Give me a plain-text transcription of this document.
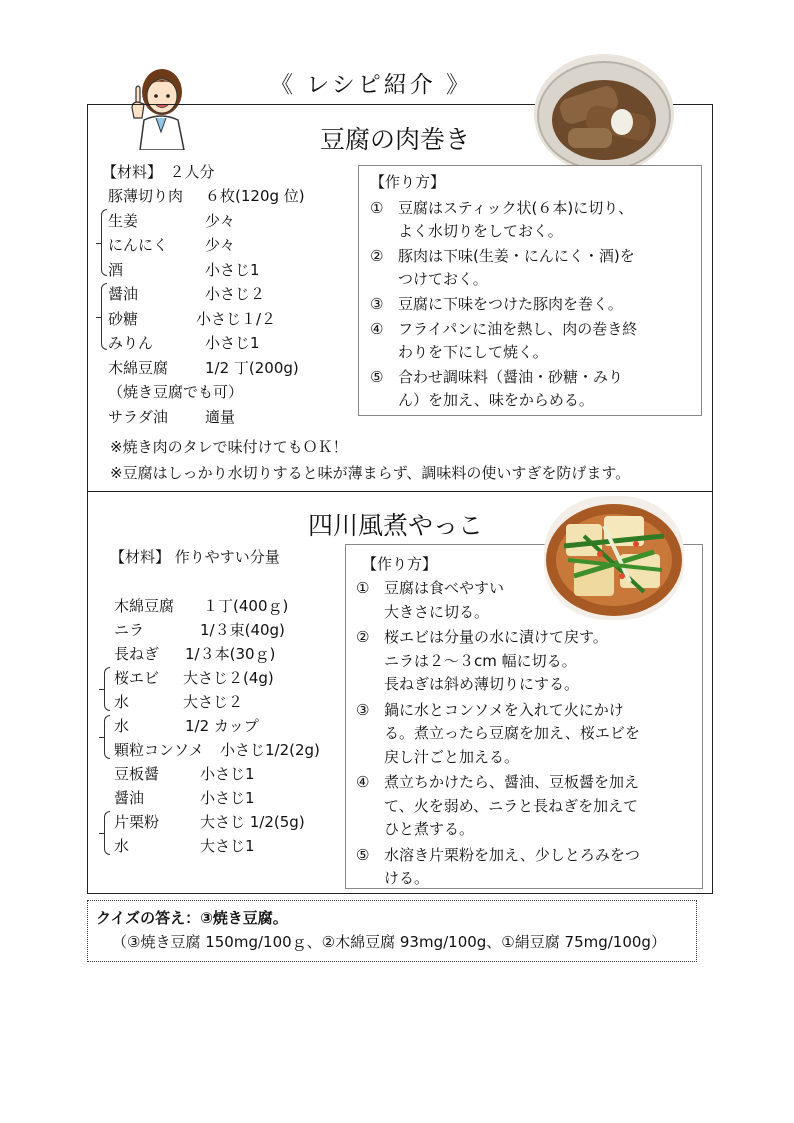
《 レシピ紹介 》
豆腐の肉巻き
【材料】　２人分
豚薄切り肉 ６枚(120g 位)
生姜	少々
にんにく 少々
酒	小さじ1
醤油	小さじ２
砂糖	小さじ１/２
みりん	小さじ1
木綿豆腐 1/2 丁(200g)
（焼き豆腐でも可）
サラダ油 適量
【作り方】
① 豆腐はスティック状(６本)に切り、
よく水切りをしておく。
② 豚肉は下味(生姜・にんにく・酒)を
つけておく。
③ 豆腐に下味をつけた豚肉を巻く。
④ フライパンに油を熱し、肉の巻き終
わりを下にして焼く。
⑤ 合わせ調味料（醤油・砂糖・みり
ん）を加え、味をからめる。
※焼き肉のタレで味付けてもＯＫ！
※豆腐はしっかり水切りすると味が薄まらず、調味料の使いすぎを防げます。
四川風煮やっこ
【材料】 作りやすい分量
木綿豆腐 １丁(400ｇ)
ニラ	1/３束(40g)
長ねぎ 1/３本(30ｇ)
桜エビ 大さじ２(4g)
水	大さじ２
水	1/2 カップ
顆粒コンソメ 小さじ1/2(2g)
豆板醤	小さじ1
醤油	小さじ1
片栗粉	大さじ 1/2(5g)
水	大さじ1
【作り方】
① 豆腐は食べやすい
大きさに切る。
② 桜エビは分量の水に漬けて戻す。
ニラは２～３cm 幅に切る。
長ねぎは斜め薄切りにする。
③ 鍋に水とコンソメを入れて火にかけ
る。煮立ったら豆腐を加え、桜エビを
戻し汁ごと加える。
④ 煮立ちかけたら、醤油、豆板醤を加え
て、火を弱め、ニラと長ねぎを加えて
ひと煮する。
⑤ 水溶き片栗粉を加え、少しとろみをつ
ける。
クイズの答え：③焼き豆腐。
（③焼き豆腐 150mg/100ｇ、②木綿豆腐 93mg/100g、①絹豆腐 75mg/100g）
